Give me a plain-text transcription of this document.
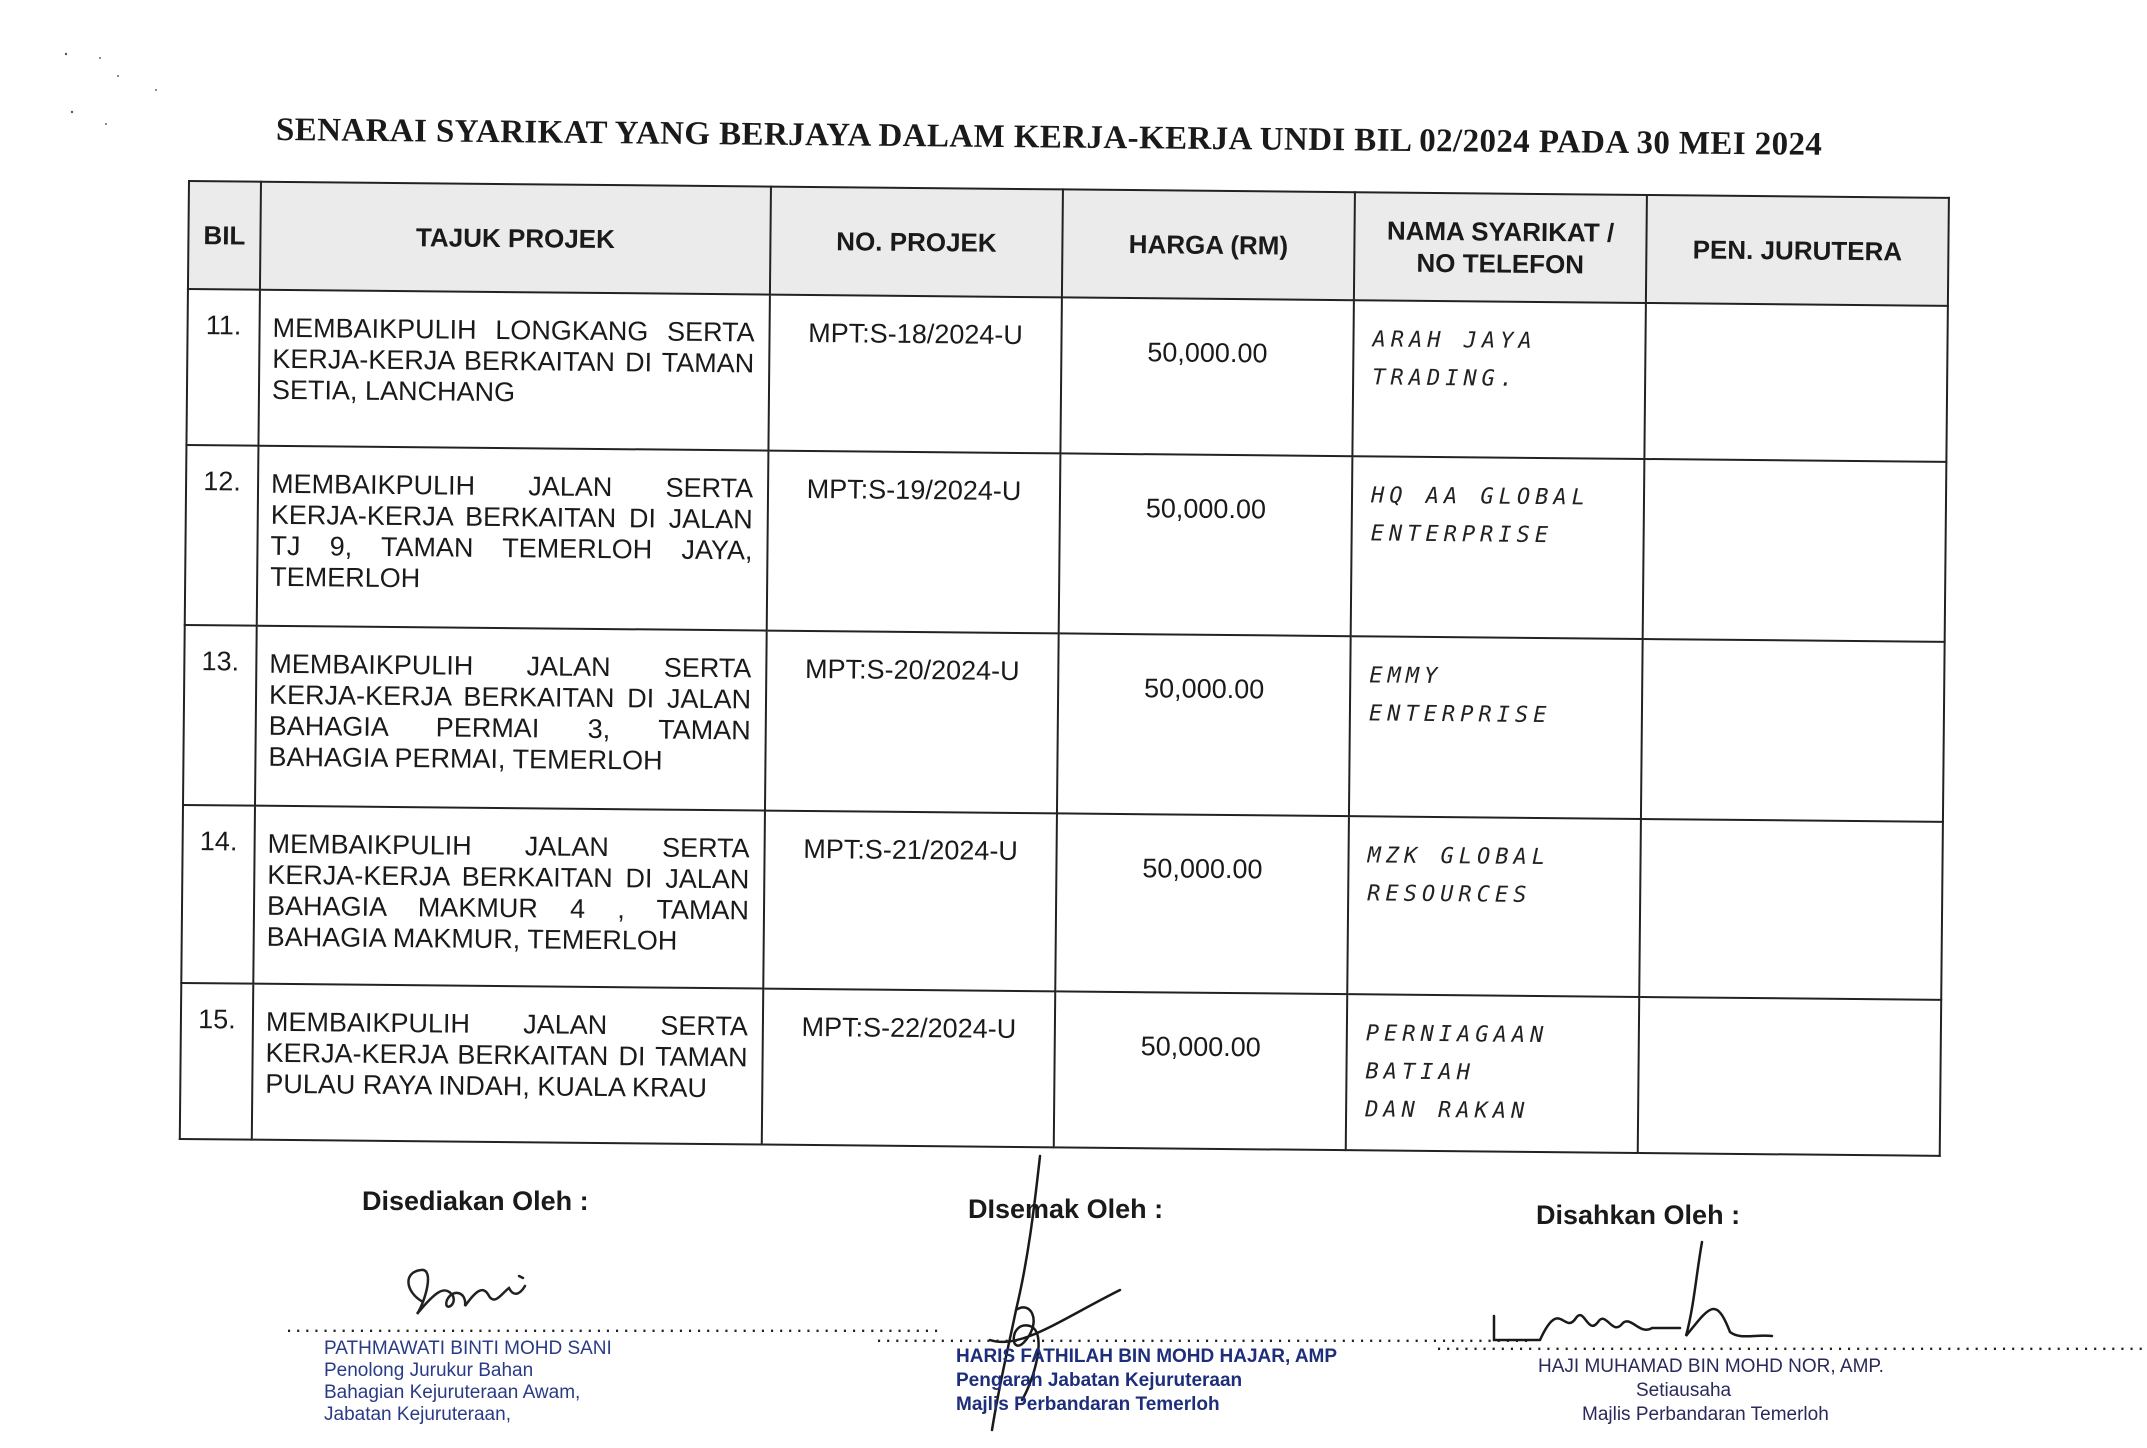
SENARAI SYARIKAT YANG BERJAYA DALAM KERJA-KERJA UNDI BIL 02/2024 PADA 30 MEI 2024
BIL	TAJUK PROJEK	NO. PROJEK	HARGA (RM)	NAMA SYARIKAT /
NO TELEFON	PEN. JURUTERA
11.	MEMBAIKPULIH LONGKANG SERTA KERJA-KERJA BERKAITAN DI TAMAN SETIA, LANCHANG	MPT:S-18/2024-U	50,000.00	ARAH JAYA
TRADING.	

12.	MEMBAIKPULIH JALAN SERTA KERJA-KERJA BERKAITAN DI JALAN TJ 9, TAMAN TEMERLOH JAYA, TEMERLOH	MPT:S-19/2024-U	50,000.00	HQ AA GLOBAL
ENTERPRISE	

13.	MEMBAIKPULIH JALAN SERTA KERJA-KERJA BERKAITAN DI JALAN BAHAGIA PERMAI 3, TAMAN BAHAGIA PERMAI, TEMERLOH	MPT:S-20/2024-U	50,000.00	EMMY ENTERPRISE	

14.	MEMBAIKPULIH JALAN SERTA KERJA-KERJA BERKAITAN DI JALAN BAHAGIA MAKMUR 4 , TAMAN BAHAGIA MAKMUR, TEMERLOH	MPT:S-21/2024-U	50,000.00	MZK GLOBAL
RESOURCES	

15.	MEMBAIKPULIH JALAN SERTA KERJA-KERJA BERKAITAN DI TAMAN PULAU RAYA INDAH, KUALA KRAU	MPT:S-22/2024-U	50,000.00	PERNIAGAAN BATIAH
DAN RAKAN	

Disediakan Oleh :
........................................................................
PATHMAWATI BINTI MOHD SANI
Penolong Jurukur Bahan
Bahagian Kejuruteraan Awam,
Jabatan Kejuruteraan,
DIsemak Oleh :
........................................................................
HARIS FATHILAH BIN MOHD HAJAR, AMP
Pengarah Jabatan Kejuruteraan
Majlis Perbandaran Temerloh
Disahkan Oleh :
..............................................................................
HAJI MUHAMAD BIN MOHD NOR, AMP.
Setiausaha
Majlis Perbandaran Temerloh
